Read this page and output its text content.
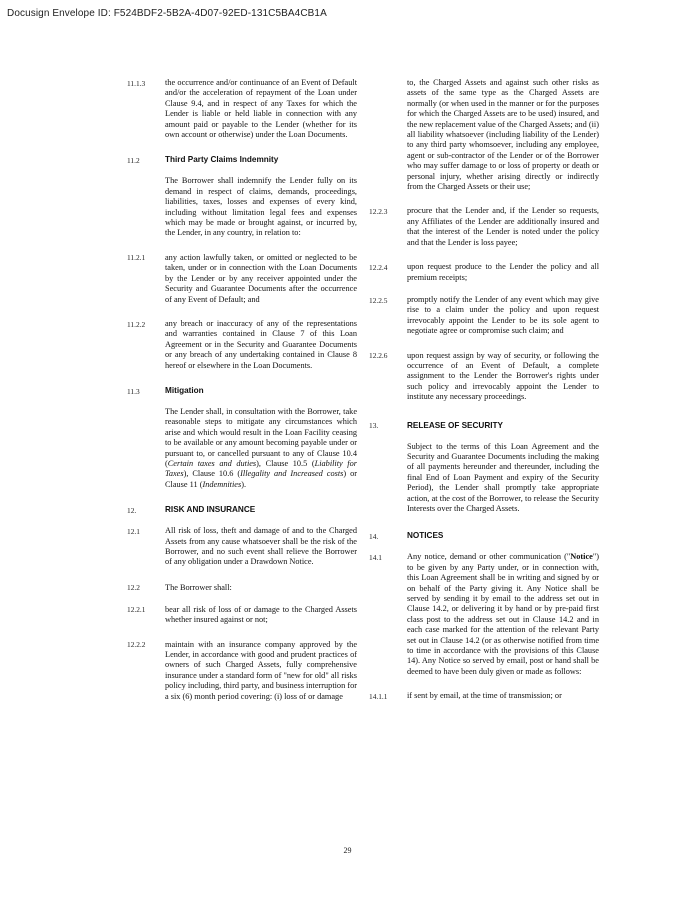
Docusign Envelope ID: F524BDF2-5B2A-4D07-92ED-131C5BA4CB1A
11.1.3	the occurrence and/or continuance of an Event of Default and/or the acceleration of repayment of the Loan under Clause 9.4, and in respect of any Taxes for which the Lender is liable or held liable in connection with any amount paid or payable to the Lender (whether for its own account or otherwise) under the Loan Documents.
11.2	Third Party Claims Indemnity
The Borrower shall indemnify the Lender fully on its demand in respect of claims, demands, proceedings, liabilities, taxes, losses and expenses of every kind, including without limitation legal fees and expenses which may be made or brought against, or incurred by, the Lender, in any country, in relation to:
11.2.1	any action lawfully taken, or omitted or neglected to be taken, under or in connection with the Loan Documents by the Lender or by any receiver appointed under the Security and Guarantee Documents after the occurrence of any Event of Default; and
11.2.2	any breach or inaccuracy of any of the representations and warranties contained in Clause 7 of this Loan Agreement or in the Security and Guarantee Documents or any breach of any undertaking contained in Clause 8 hereof or elsewhere in the Loan Documents.
11.3	Mitigation
The Lender shall, in consultation with the Borrower, take reasonable steps to mitigate any circumstances which arise and which would result in the Loan Facility ceasing to be available or any amount becoming payable under or pursuant to, or cancelled pursuant to any of Clause 10.4 (Certain taxes and duties), Clause 10.5 (Liability for Taxes), Clause 10.6 (Illegality and Increased costs) or Clause 11 (Indemnities).
12.	RISK AND INSURANCE
12.1	All risk of loss, theft and damage of and to the Charged Assets from any cause whatsoever shall be the risk of the Borrower, and no such event shall relieve the Borrower of any obligation under a Drawdown Notice.
12.2	The Borrower shall:
12.2.1	bear all risk of loss of or damage to the Charged Assets whether insured against or not;
12.2.2	maintain with an insurance company approved by the Lender, in accordance with good and prudent practices of owners of such Charged Assets, fully comprehensive insurance under a standard form of "new for old" all risks policy including, third party, and business interruption for a six (6) month period covering: (i) loss of or damage
to, the Charged Assets and against such other risks as assets of the same type as the Charged Assets are normally (or when used in the manner or for the purposes for which the Charged Assets are to be used) insured, and the new replacement value of the Charged Assets; and (ii) all liability whatsoever (including liability of the Lender) to any third party whomsoever, including any employee, agent or sub-contractor of the Lender or of the Borrower who may suffer damage to or loss of property or death or personal injury, whether arising directly or indirectly from the Charged Assets or their use;
12.2.3	procure that the Lender and, if the Lender so requests, any Affiliates of the Lender are additionally insured and that the interest of the Lender is noted under the policy and that the Lender is loss payee;
12.2.4	upon request produce to the Lender the policy and all premium receipts;
12.2.5	promptly notify the Lender of any event which may give rise to a claim under the policy and upon request irrevocably appoint the Lender to be its sole agent to negotiate agree or compromise such claim; and
12.2.6	upon request assign by way of security, or following the occurrence of an Event of Default, a complete assignment to the Lender the Borrower's rights under such policy and irrevocably appoint the Lender to institute any necessary proceedings.
13.	RELEASE OF SECURITY
Subject to the terms of this Loan Agreement and the Security and Guarantee Documents including the making of all payments hereunder and thereunder, including the final End of Loan Payment and expiry of the Security Period), the Lender shall promptly take appropriate action, at the cost of the Borrower, to release the Security Interests over the Charged Assets.
14.	NOTICES
14.1	Any notice, demand or other communication ("Notice") to be given by any Party under, or in connection with, this Loan Agreement shall be in writing and signed by or on behalf of the Party giving it. Any Notice shall be served by sending it by email to the address set out in Clause 14.2, or delivering it by hand or by pre-paid first class post to the address set out in Clause 14.2 and in each case marked for the attention of the relevant Party set out in Clause 14.2 (or as otherwise notified from time to time in accordance with the provisions of this Clause 14). Any Notice so served by email, post or hand shall be deemed to have been duly given or made as follows:
14.1.1	if sent by email, at the time of transmission; or
29
